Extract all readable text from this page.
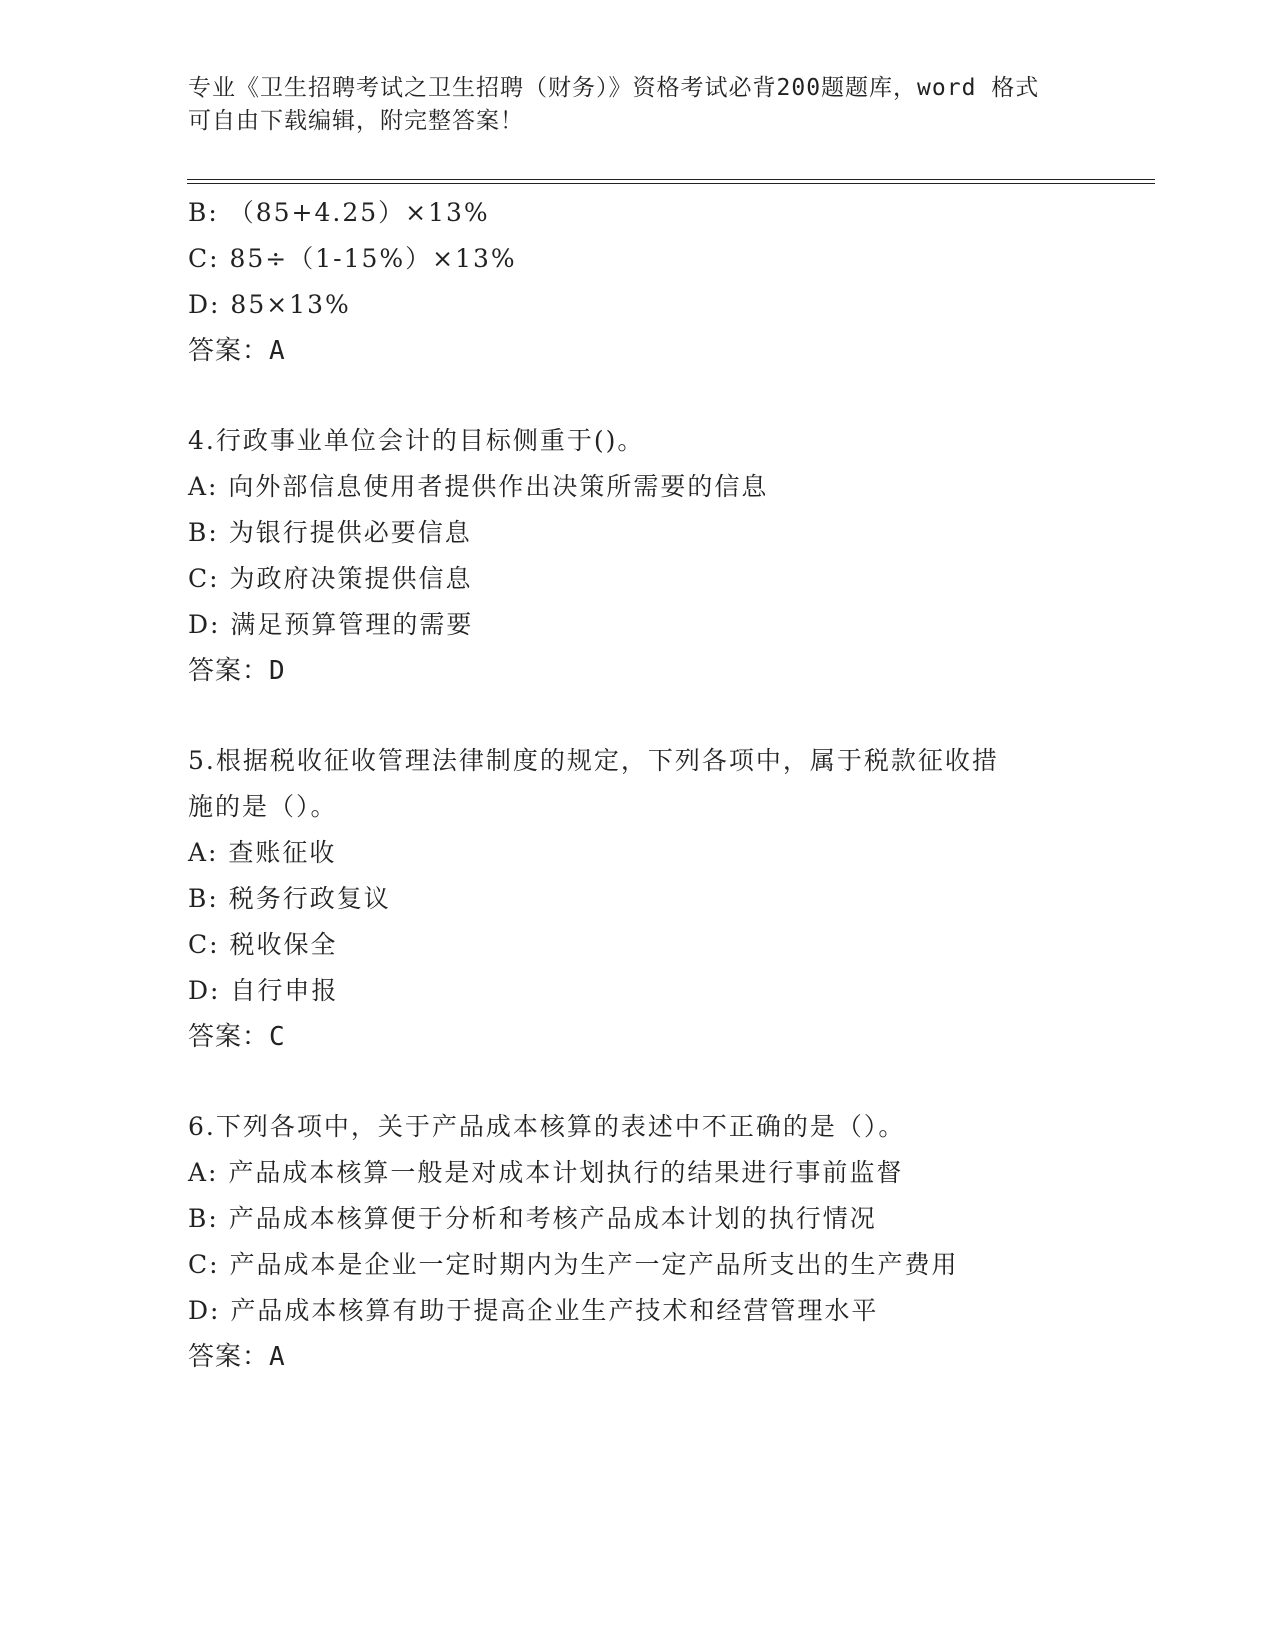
专业《卫生招聘考试之卫生招聘（财务）》资格考试必背200题题库，word 格式
可自由下载编辑，附完整答案！
B: （85+4.25）×13%
C: 85÷（1-15%）×13%
D: 85×13%
答案：A
4.行政事业单位会计的目标侧重于()。
A: 向外部信息使用者提供作出决策所需要的信息
B: 为银行提供必要信息
C: 为政府决策提供信息
D: 满足预算管理的需要
答案：D
5.根据税收征收管理法律制度的规定，下列各项中，属于税款征收措
施的是（）。
A: 查账征收
B: 税务行政复议
C: 税收保全
D: 自行申报
答案：C
6.下列各项中，关于产品成本核算的表述中不正确的是（）。
A: 产品成本核算一般是对成本计划执行的结果进行事前监督
B: 产品成本核算便于分析和考核产品成本计划的执行情况
C: 产品成本是企业一定时期内为生产一定产品所支出的生产费用
D: 产品成本核算有助于提高企业生产技术和经营管理水平
答案：A
